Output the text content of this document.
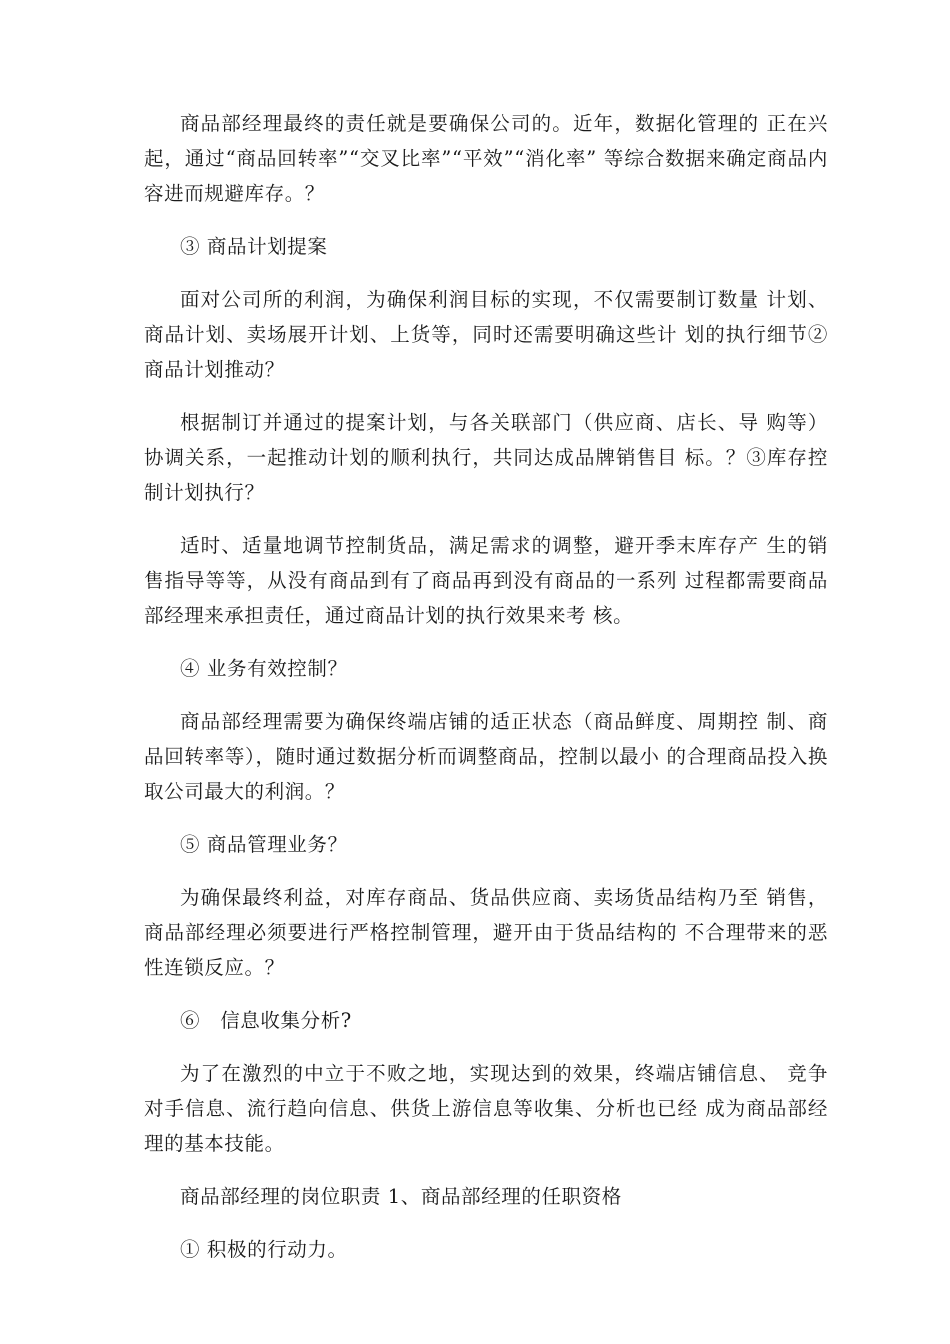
商品部经理最终的责任就是要确保公司的。近年，数据化管理的 正在兴起，通过“商品回转率”“交叉比率”“平效”“消化率” 等综合数据来确定商品内容进而规避库存。？

③ 商品计划提案

面对公司所的利润，为确保利润目标的实现，不仅需要制订数量 计划、商品计划、卖场展开计划、上货等，同时还需要明确这些计 划的执行细节②商品计划推动？

根据制订并通过的提案计划，与各关联部门（供应商、店长、导 购等）协调关系，一起推动计划的顺利执行，共同达成品牌销售目 标。？③库存控制计划执行？

适时、适量地调节控制货品，满足需求的调整，避开季末库存产 生的销售指导等等，从没有商品到有了商品再到没有商品的一系列 过程都需要商品部经理来承担责任，通过商品计划的执行效果来考 核。

④ 业务有效控制？

商品部经理需要为确保终端店铺的适正状态（商品鲜度、周期控 制、商品回转率等），随时通过数据分析而调整商品，控制以最小 的合理商品投入换取公司最大的利润。？

⑤ 商品管理业务？

为确保最终利益，对库存商品、货品供应商、卖场货品结构乃至 销售，商品部经理必须要进行严格控制管理，避开由于货品结构的 不合理带来的恶性连锁反应。？

⑥　信息收集分析?

为了在激烈的中立于不败之地，实现达到的效果，终端店铺信息、 竞争对手信息、流行趋向信息、供货上游信息等收集、分析也已经 成为商品部经理的基本技能。

商品部经理的岗位职责 1、商品部经理的任职资格

① 积极的行动力。
